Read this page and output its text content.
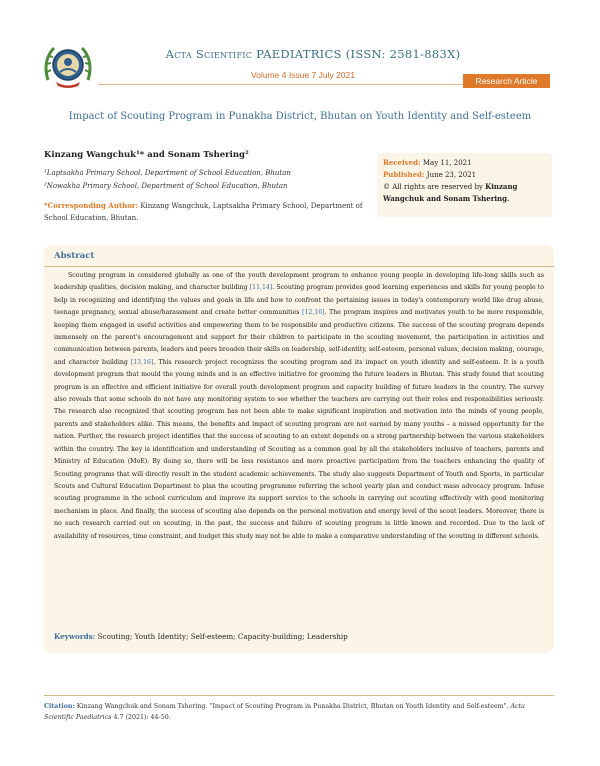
Acta Scientific PAEDIATRICS (ISSN: 2581-883X)
Volume 4 Issue 7 July 2021
Research Article
Impact of Scouting Program in Punakha District, Bhutan on Youth Identity and Self-esteem
Kinzang Wangchuk¹* and Sonam Tshering²
¹Laptsakha Primary School, Department of School Education, Bhutan
²Nowakha Primary School, Department of School Education, Bhutan
*Corresponding Author: Kinzang Wangchuk, Laptsakha Primary School, Department of School Education, Bhutan.
Received: May 11, 2021
Published: June 23, 2021
© All rights are reserved by Kinzang Wangchuk and Sonam Tshering.
Abstract
Scouting program in considered globally as one of the youth development program to enhance young people in developing life-long skills such as leadership qualities, decision making, and character building [11,14]. Scouting program provides good learning experiences and skills for young people to help in recognizing and identifying the values and goals in life and how to confront the pertaining issues in today's contemporary world like drug abuse, teenage pregnancy, sexual abuse/harassment and create better communities [12,16]. The program inspires and motivates youth to be more responsible, keeping them engaged in useful activities and empowering them to be responsible and productive citizens. The success of the scouting program depends immensely on the parent's encouragement and support for their children to participate in the scouting movement, the participation in activities and communication between parents, leaders and peers broaden their skills on leadership, self-identity, self-esteem, personal values, decision making, courage, and character building [13,16]. This research project recognizes the scouting program and its impact on youth identity and self-esteem. It is a youth development program that mould the young minds and is an effective initiative for grooming the future leaders in Bhutan. This study found that scouting program is an effective and efficient initiative for overall youth development program and capacity building of future leaders in the country. The survey also reveals that some schools do not have any monitoring system to see whether the teachers are carrying out their roles and responsibilities seriously. The research also recognized that scouting program has not been able to make significant inspiration and motivation into the minds of young people, parents and stakeholders alike. This means, the benefits and impact of scouting program are not earned by many youths – a missed opportunity for the nation. Further, the research project identifies that the success of scouting to an extent depends on a strong partnership between the various stakeholders within the country. The key is identification and understanding of Scouting as a common goal by all the stakeholders inclusive of teachers, parents and Ministry of Education (MoE). By doing so, there will be less resistance and more proactive participation from the teachers enhancing the quality of Scouting programs that will directly result in the student academic achievements. The study also suggests Department of Youth and Sports, in particular Scouts and Cultural Education Department to plan the scouting programme referring the school yearly plan and conduct mass advocacy program. Infuse scouting programme in the school curriculum and improve its support service to the schools in carrying out scouting effectively with good monitoring mechanism in place. And finally, the success of scouting also depends on the personal motivation and energy level of the scout leaders. Moreover, there is no such research carried out on scouting, in the past, the success and failure of scouting program is little known and recorded. Due to the lack of availability of resources, time constraint, and budget this study may not be able to make a comparative understanding of the scouting in different schools.
Keywords: Scouting; Youth Identity; Self-esteem; Capacity-building; Leadership
Citation: Kinzang Wangchuk and Sonam Tshering. "Impact of Scouting Program in Punakha District, Bhutan on Youth Identity and Self-esteem". Acta Scientific Paediatrics 4.7 (2021): 44-50.
